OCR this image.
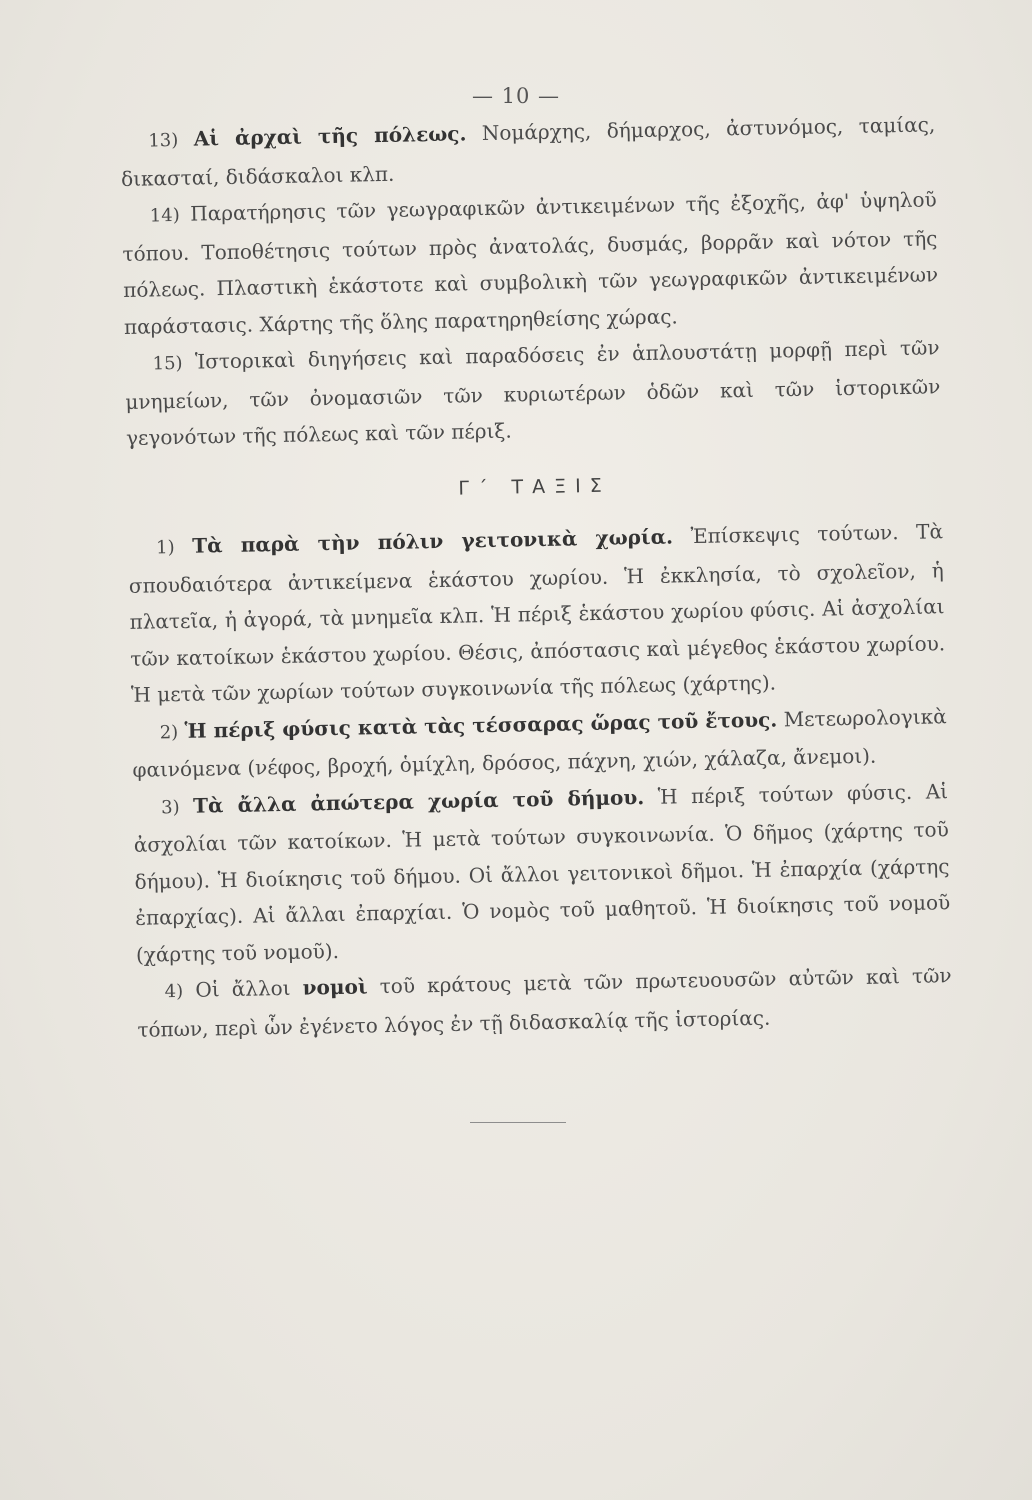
— 10 —

13) Αἱ ἀρχαὶ τῆς πόλεως. Νομάρχης, δήμαρχος, ἀστυνόμος, ταμίας, δικασταί, διδάσκαλοι κλπ.

14) Παρατήρησις τῶν γεωγραφικῶν ἀντικειμένων τῆς ἐξοχῆς, ἀφ' ὑψηλοῦ τόπου. Τοποθέτησις τούτων πρὸς ἀνατολάς, δυσμάς, βορρᾶν καὶ νότον τῆς πόλεως. Πλαστικὴ ἑκάστοτε καὶ συμβολικὴ τῶν γεωγραφικῶν ἀντικειμένων παράστασις. Χάρτης τῆς ὅλης παρατηρηθείσης χώρας.

15) Ἱστορικαὶ διηγήσεις καὶ παραδόσεις ἐν ἁπλουστάτῃ μορφῇ περὶ τῶν μνημείων, τῶν ὀνομασιῶν τῶν κυριωτέρων ὁδῶν καὶ τῶν ἱστορικῶν γεγονότων τῆς πόλεως καὶ τῶν πέριξ.

Γ΄ ΤΑΞΙΣ

1) Τὰ παρὰ τὴν πόλιν γειτονικὰ χωρία. Ἐπίσκεψις τούτων. Τὰ σπουδαιότερα ἀντικείμενα ἑκάστου χωρίου. Ἡ ἐκκλησία, τὸ σχολεῖον, ἡ πλατεῖα, ἡ ἀγορά, τὰ μνημεῖα κλπ. Ἡ πέριξ ἑκάστου χωρίου φύσις. Αἱ ἀσχολίαι τῶν κατοίκων ἑκάστου χωρίου. Θέσις, ἀπόστασις καὶ μέγεθος ἑκάστου χωρίου. Ἡ μετὰ τῶν χωρίων τούτων συγκοινωνία τῆς πόλεως (χάρτης).

2) Ἡ πέριξ φύσις κατὰ τὰς τέσσαρας ὥρας τοῦ ἔτους. Μετεωρολογικὰ φαινόμενα (νέφος, βροχή, ὁμίχλη, δρόσος, πάχνη, χιών, χάλαζα, ἄνεμοι).

3) Τὰ ἄλλα ἀπώτερα χωρία τοῦ δήμου. Ἡ πέριξ τούτων φύσις. Αἱ ἀσχολίαι τῶν κατοίκων. Ἡ μετὰ τούτων συγκοινωνία. Ὁ δῆμος (χάρτης τοῦ δήμου). Ἡ διοίκησις τοῦ δήμου. Οἱ ἄλλοι γειτονικοὶ δῆμοι. Ἡ ἐπαρχία (χάρτης ἐπαρχίας). Αἱ ἄλλαι ἐπαρχίαι. Ὁ νομὸς τοῦ μαθητοῦ. Ἡ διοίκησις τοῦ νομοῦ (χάρτης τοῦ νομοῦ).

4) Οἱ ἄλλοι νομοὶ τοῦ κράτους μετὰ τῶν πρωτευουσῶν αὐτῶν καὶ τῶν τόπων, περὶ ὧν ἐγένετο λόγος ἐν τῇ διδασκαλίᾳ τῆς ἱστορίας.
